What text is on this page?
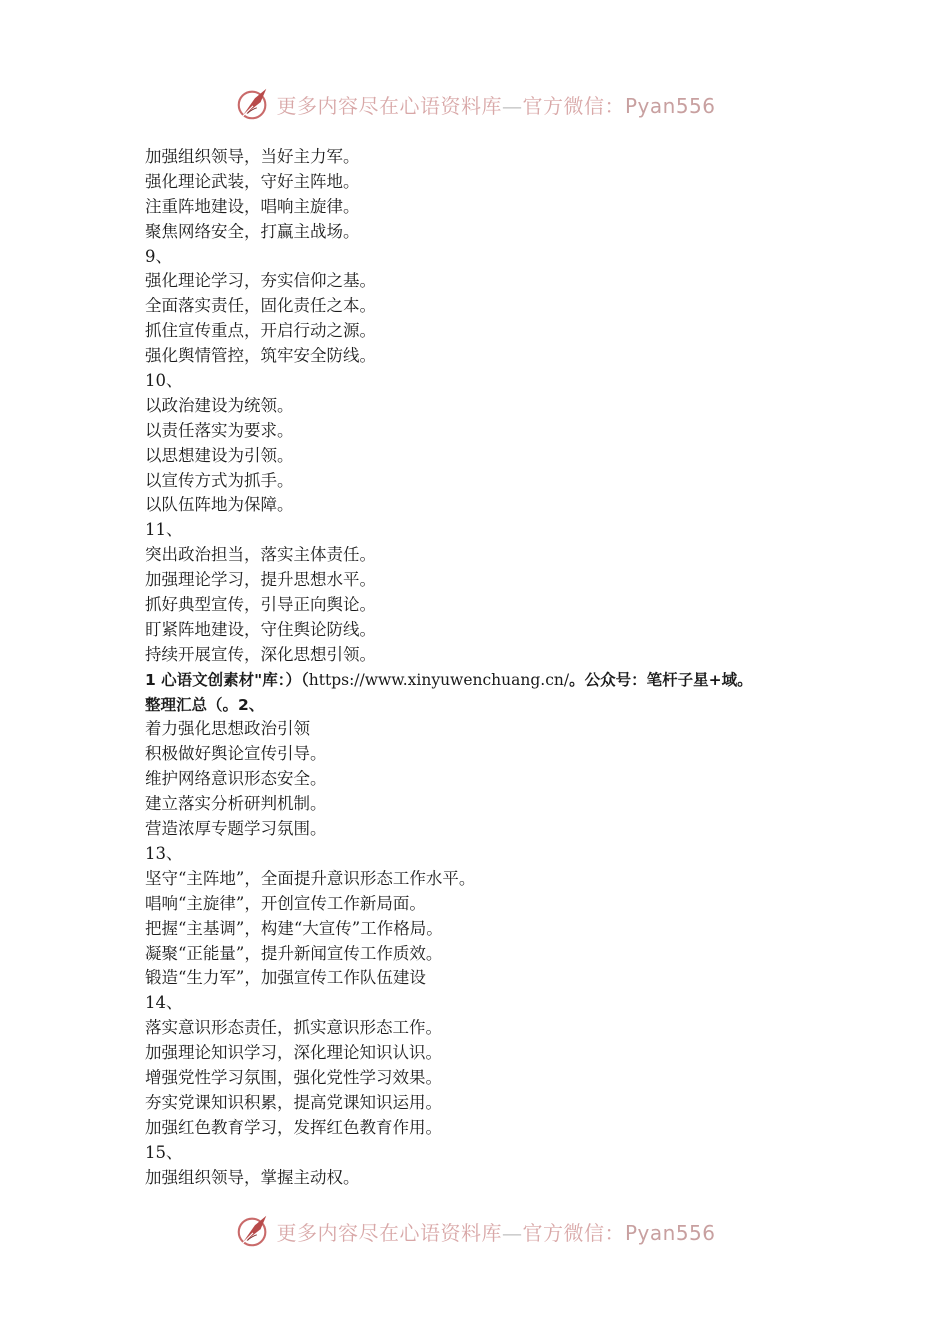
更多内容尽在心语资料库—官方微信：Pyan556
加强组织领导，当好主力军。
强化理论武装，守好主阵地。
注重阵地建设，唱响主旋律。
聚焦网络安全，打赢主战场。
9、
强化理论学习，夯实信仰之基。
全面落实责任，固化责任之本。
抓住宣传重点，开启行动之源。
强化舆情管控，筑牢安全防线。
10、
以政治建设为统领。
以责任落实为要求。
以思想建设为引领。
以宣传方式为抓手。
以队伍阵地为保障。
11、
突出政治担当，落实主体责任。
加强理论学习，提升思想水平。
抓好典型宣传，引导正向舆论。
盯紧阵地建设，守住舆论防线。
持续开展宣传，深化思想引领。
1 心语文创素材"库：）（https://www.xinyuwenchuang.cn/。公众号：笔杆子星+域。
整理汇总（。2、
着力强化思想政治引领
积极做好舆论宣传引导。
维护网络意识形态安全。
建立落实分析研判机制。
营造浓厚专题学习氛围。
13、
坚守“主阵地”，全面提升意识形态工作水平。
唱响“主旋律”，开创宣传工作新局面。
把握“主基调”，构建“大宣传”工作格局。
凝聚“正能量”，提升新闻宣传工作质效。
锻造“生力军”，加强宣传工作队伍建设
14、
落实意识形态责任，抓实意识形态工作。
加强理论知识学习，深化理论知识认识。
增强党性学习氛围，强化党性学习效果。
夯实党课知识积累，提高党课知识运用。
加强红色教育学习，发挥红色教育作用。
15、
加强组织领导，掌握主动权。
更多内容尽在心语资料库—官方微信：Pyan556
